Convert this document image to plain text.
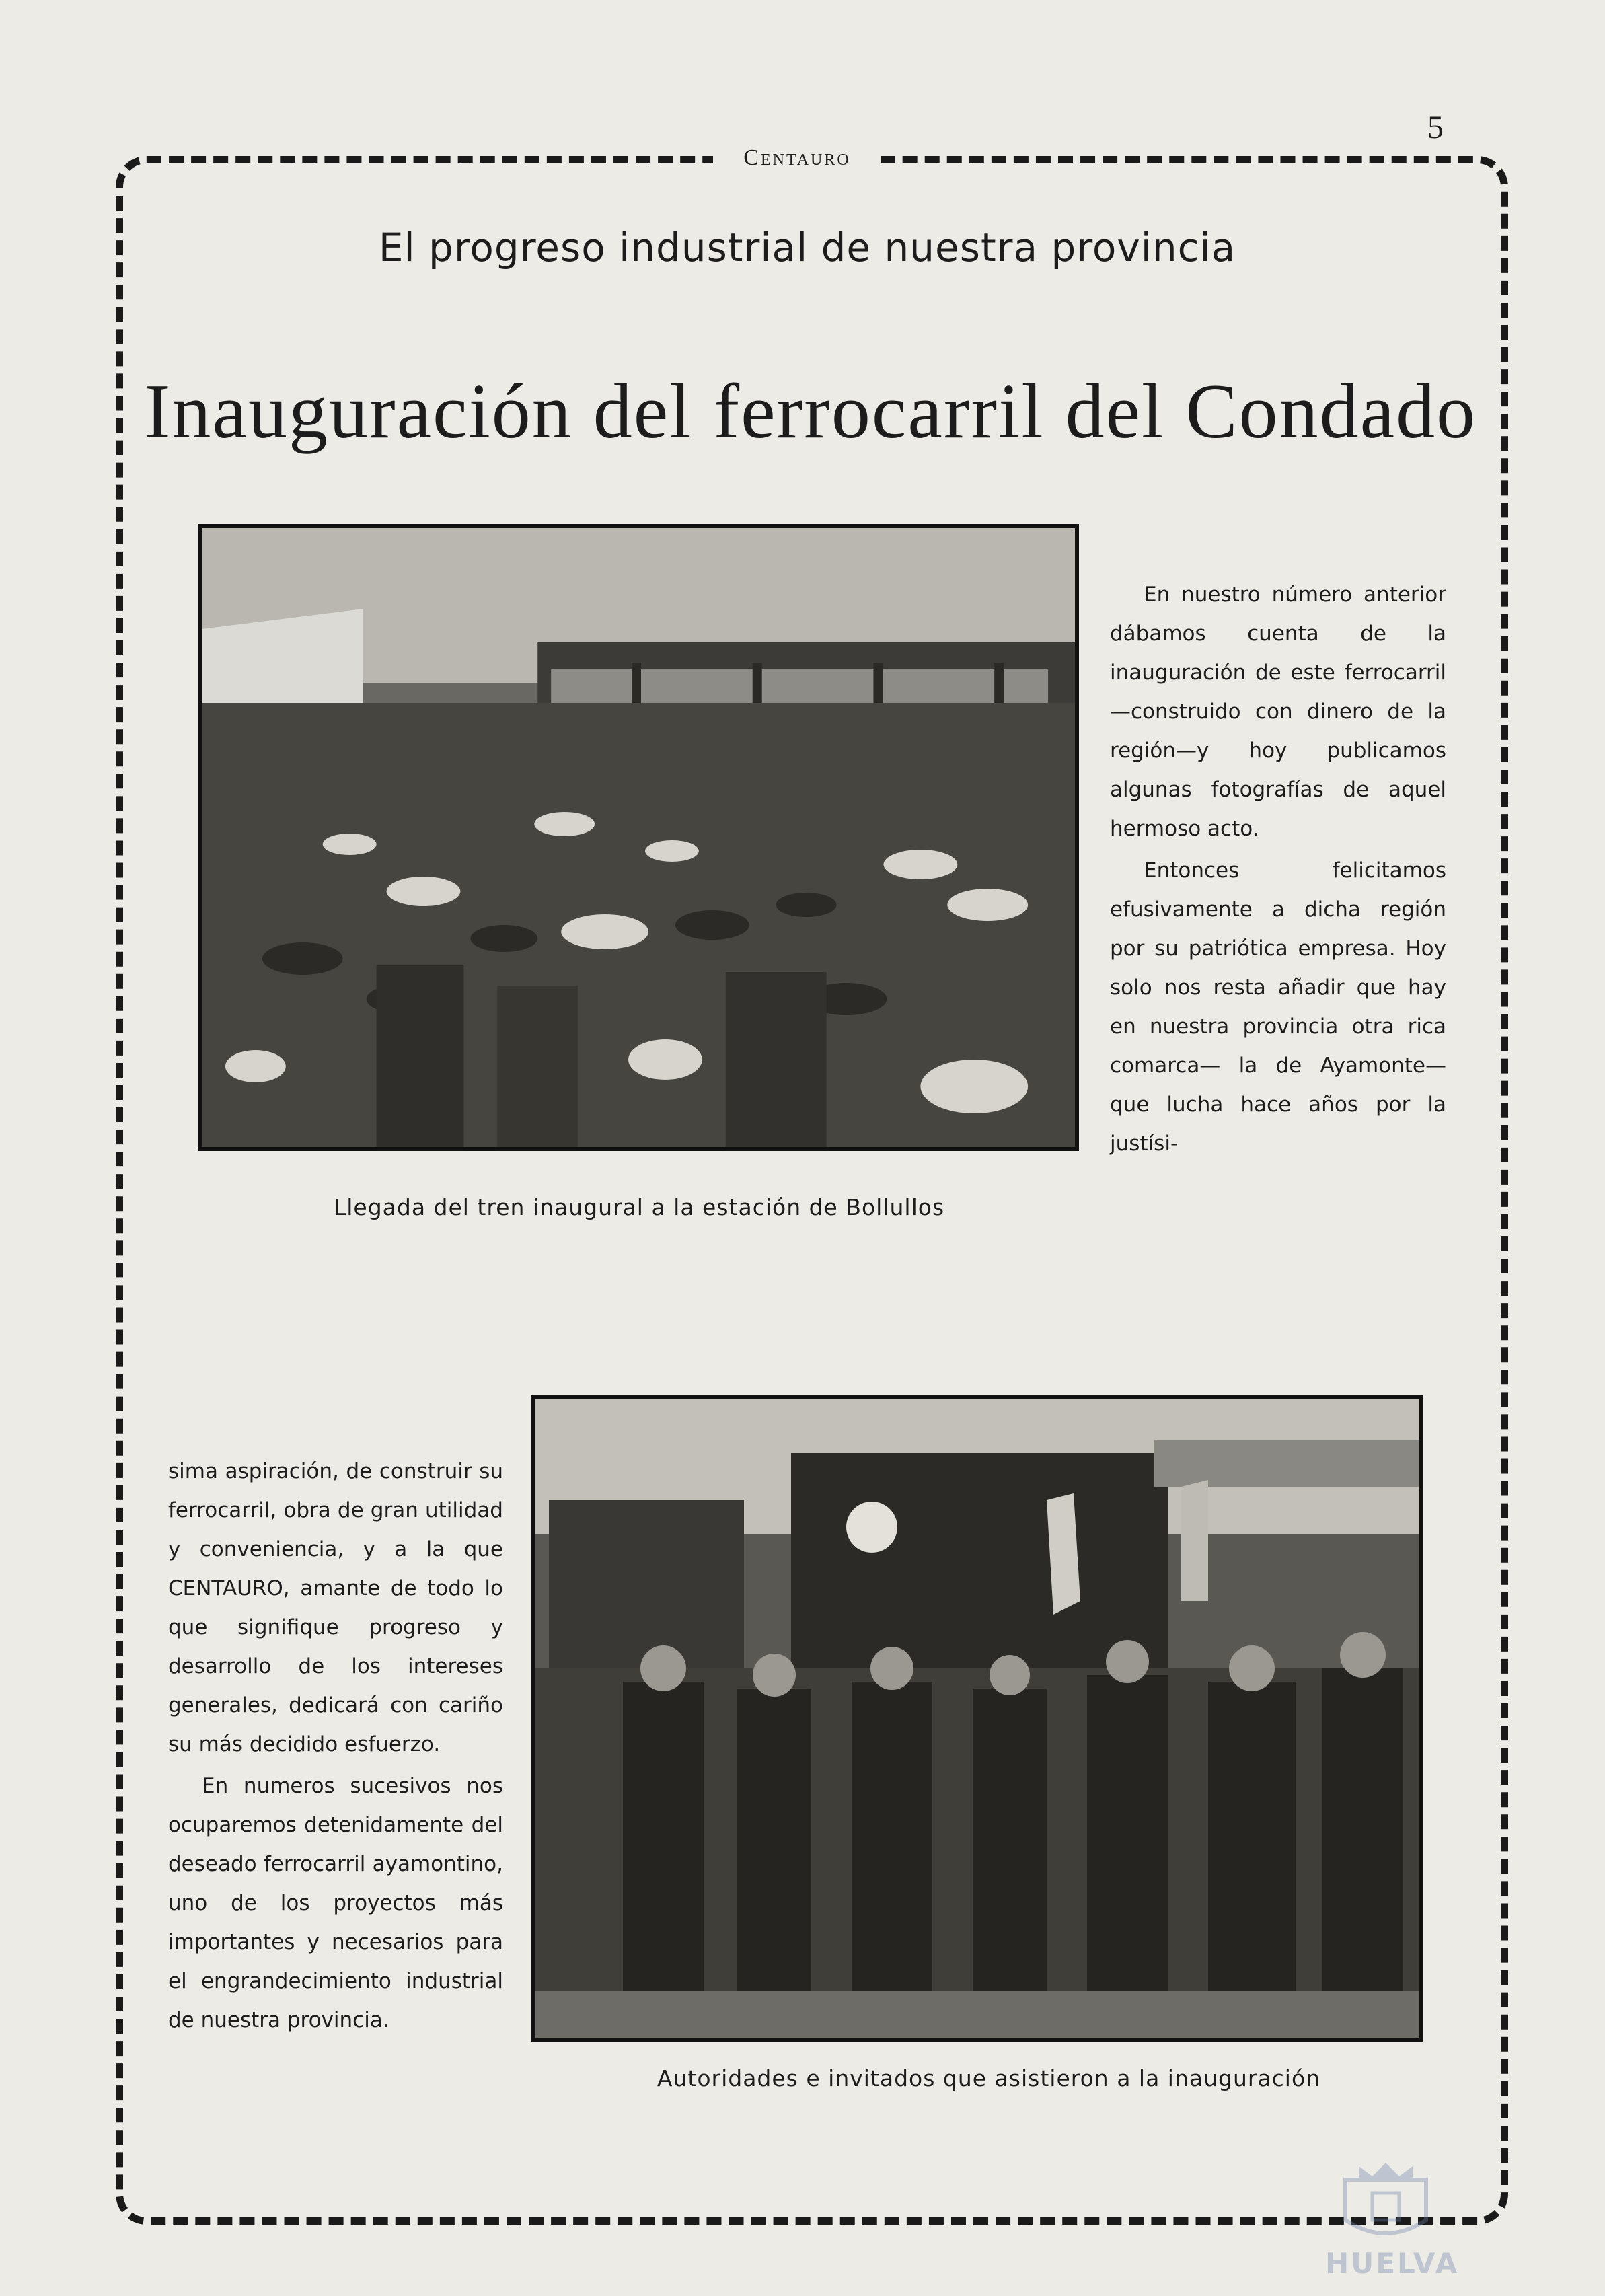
5
Centauro
El progreso industrial de nuestra provincia
Inauguración del ferrocarril del Condado
Llegada del tren inaugural a la estación de Bollullos

En nuestro número anterior dábamos cuenta de la inauguración de este ferrocarril —construido con dinero de la región—y hoy publicamos algunas fotografías de aquel hermoso acto.

Entonces felicitamos efusivamente a dicha región por su patriótica empresa. Hoy solo nos resta añadir que hay en nuestra provincia otra rica comarca— la de Ayamonte— que lucha hace años por la justísi-

Autoridades e invitados que asistieron a la inauguración

sima aspiración, de construir su ferrocarril, obra de gran utilidad y conveniencia, y a la que CENTAURO, amante de todo lo que signifique progreso y desarrollo de los intereses generales, dedicará con cariño su más decidido esfuerzo.

En numeros sucesivos nos ocuparemos detenidamente del deseado ferrocarril ayamontino, uno de los proyectos más importantes y necesarios para el engrandecimiento industrial de nuestra provincia.

HUELVA
